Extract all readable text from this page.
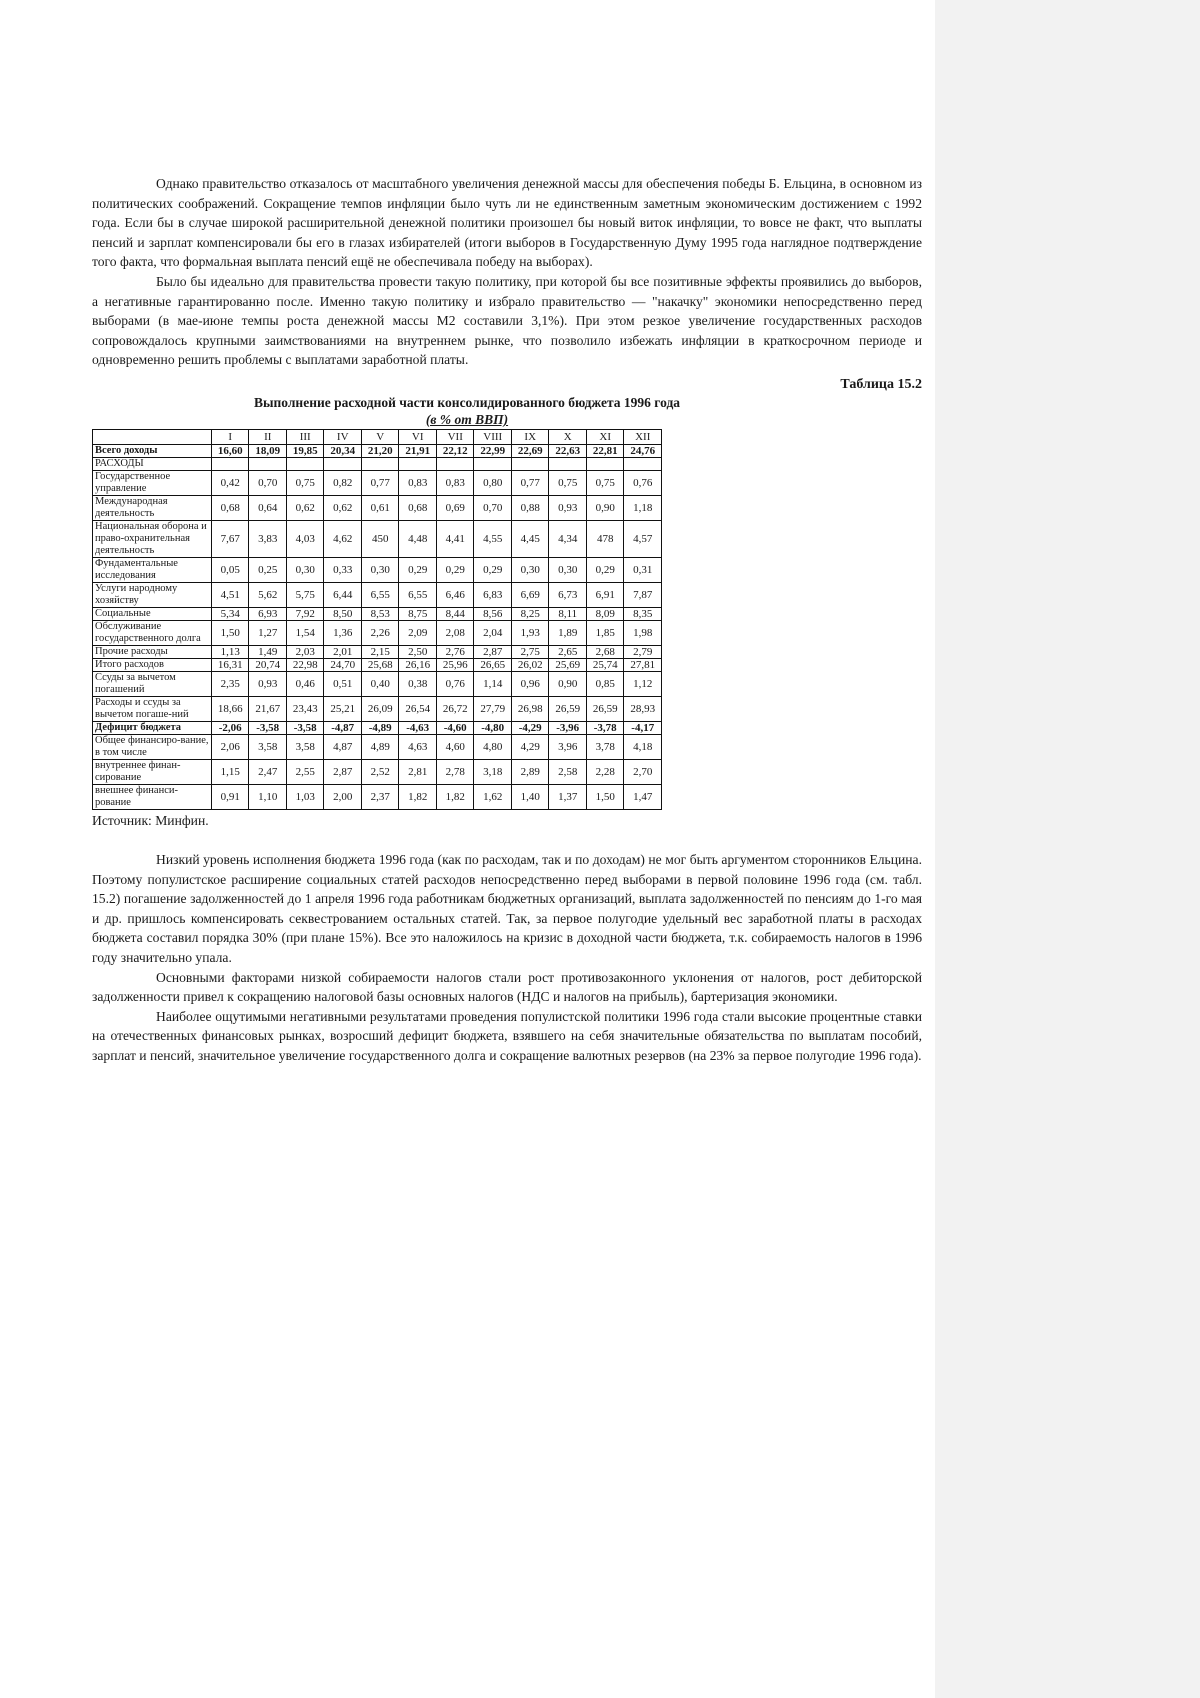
Однако правительство отказалось от масштабного увеличения денежной массы для обеспечения победы Б. Ельцина, в основном из политических соображений. Сокращение темпов инфляции было чуть ли не единственным заметным экономическим достижением с 1992 года. Если бы в случае широкой расширительной денежной политики произошел бы новый виток инфляции, то вовсе не факт, что выплаты пенсий и зарплат компенсировали бы его в глазах избирателей (итоги выборов в Государственную Думу 1995 года наглядное подтверждение того факта, что формальная выплата пенсий ещё не обеспечивала победу на выборах).

Было бы идеально для правительства провести такую политику, при которой бы все позитивные эффекты проявились до выборов, а негативные гарантированно после. Именно такую политику и избрало правительство — "накачку" экономики непосредственно перед выборами (в мае-июне темпы роста денежной массы М2 составили 3,1%). При этом резкое увеличение государственных расходов сопровождалось крупными заимствованиями на внутреннем рынке, что позволило избежать инфляции в краткосрочном периоде и одновременно решить проблемы с выплатами заработной платы.

Таблица 15.2
Выполнение расходной части консолидированного бюджета 1996 года
(в % от ВВП)
	I	II	III	IV	V	VI	VII	VIII	IX	X	XI	XII
Всего доходы	16,60	18,09	19,85	20,34	21,20	21,91	22,12	22,99	22,69	22,63	22,81	24,76
РАСХОДЫ												
Государственное управление	0,42	0,70	0,75	0,82	0,77	0,83	0,83	0,80	0,77	0,75	0,75	0,76
Международная деятельность	0,68	0,64	0,62	0,62	0,61	0,68	0,69	0,70	0,88	0,93	0,90	1,18
Национальная оборона и право-охранительная деятельность	7,67	3,83	4,03	4,62	450	4,48	4,41	4,55	4,45	4,34	478	4,57
Фундаментальные исследования	0,05	0,25	0,30	0,33	0,30	0,29	0,29	0,29	0,30	0,30	0,29	0,31
Услуги народному хозяйству	4,51	5,62	5,75	6,44	6,55	6,55	6,46	6,83	6,69	6,73	6,91	7,87
Социальные	5,34	6,93	7,92	8,50	8,53	8,75	8,44	8,56	8,25	8,11	8,09	8,35
Обслуживание государственного долга	1,50	1,27	1,54	1,36	2,26	2,09	2,08	2,04	1,93	1,89	1,85	1,98
Прочие расходы	1,13	1,49	2,03	2,01	2,15	2,50	2,76	2,87	2,75	2,65	2,68	2,79
Итого расходов	16,31	20,74	22,98	24,70	25,68	26,16	25,96	26,65	26,02	25,69	25,74	27,81
Ссуды за вычетом погашений	2,35	0,93	0,46	0,51	0,40	0,38	0,76	1,14	0,96	0,90	0,85	1,12
Расходы и ссуды за вычетом погаше-ний	18,66	21,67	23,43	25,21	26,09	26,54	26,72	27,79	26,98	26,59	26,59	28,93
Дефицит бюджета	-2,06	-3,58	-3,58	-4,87	-4,89	-4,63	-4,60	-4,80	-4,29	-3,96	-3,78	-4,17
Общее финансиро-вание, в том числе	2,06	3,58	3,58	4,87	4,89	4,63	4,60	4,80	4,29	3,96	3,78	4,18
внутреннее финан-сирование	1,15	2,47	2,55	2,87	2,52	2,81	2,78	3,18	2,89	2,58	2,28	2,70
внешнее финанси-рование	0,91	1,10	1,03	2,00	2,37	1,82	1,82	1,62	1,40	1,37	1,50	1,47
Источник: Минфин.

Низкий уровень исполнения бюджета 1996 года (как по расходам, так и по доходам) не мог быть аргументом сторонников Ельцина. Поэтому популистское расширение социальных статей расходов непосредственно перед выборами в первой половине 1996 года (см. табл. 15.2) погашение задолженностей до 1 апреля 1996 года работникам бюджетных организаций, выплата задолженностей по пенсиям до 1-го мая и др. пришлось компенсировать секвестрованием остальных статей. Так, за первое полугодие удельный вес заработной платы в расходах бюджета составил порядка 30% (при плане 15%). Все это наложилось на кризис в доходной части бюджета, т.к. собираемость налогов в 1996 году значительно упала.

Основными факторами низкой собираемости налогов стали рост противозаконного уклонения от налогов, рост дебиторской задолженности привел к сокращению налоговой базы основных налогов (НДС и налогов на прибыль), бартеризация экономики.

Наиболее ощутимыми негативными результатами проведения популистской политики 1996 года стали высокие процентные ставки на отечественных финансовых рынках, возросший дефицит бюджета, взявшего на себя значительные обязательства по выплатам пособий, зарплат и пенсий, значительное увеличение государственного долга и сокращение валютных резервов (на 23% за первое полугодие 1996 года).
